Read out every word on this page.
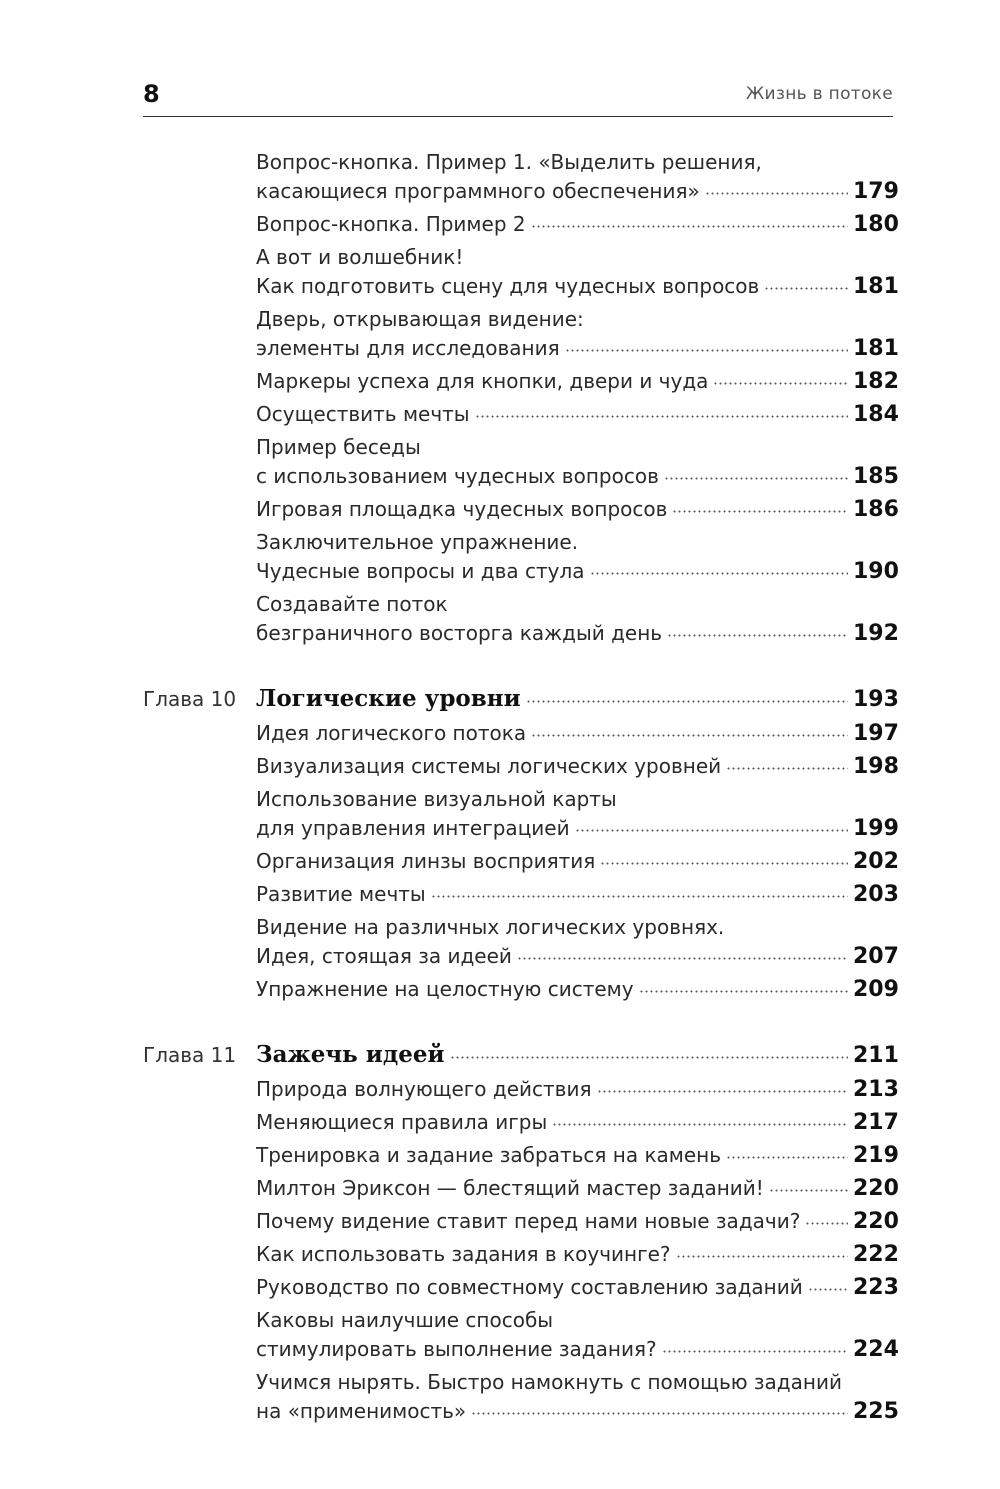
8	Жизнь в потоке
Вопрос-кнопка. Пример 1. «Выделить решения,
касающиеся программного обеспечения»	179
Вопрос-кнопка. Пример 2	180
А вот и волшебник!
Как подготовить сцену для чудесных вопросов	181
Дверь, открывающая видение:
элементы для исследования	181
Маркеры успеха для кнопки, двери и чуда	182
Осуществить мечты	184
Пример беседы
с использованием чудесных вопросов	185
Игровая площадка чудесных вопросов	186
Заключительное упражнение.
Чудесные вопросы и два стула	190
Создавайте поток
безграничного восторга каждый день	192
Глава 10 Логические уровни	193
Идея логического потока	197
Визуализация системы логических уровней	198
Использование визуальной карты
для управления интеграцией	199
Организация линзы восприятия	202
Развитие мечты	203
Видение на различных логических уровнях.
Идея, стоящая за идеей	207
Упражнение на целостную систему	209
Глава 11 Зажечь идеей	211
Природа волнующего действия	213
Меняющиеся правила игры	217
Тренировка и задание забраться на камень	219
Милтон Эриксон — блестящий мастер заданий!	220
Почему видение ставит перед нами новые задачи? 220
Как использовать задания в коучинге?	222
Руководство по совместному составлению заданий 223
Каковы наилучшие способы
стимулировать выполнение задания?	224
Учимся нырять. Быстро намокнуть с помощью заданий
на «применимость»	225
